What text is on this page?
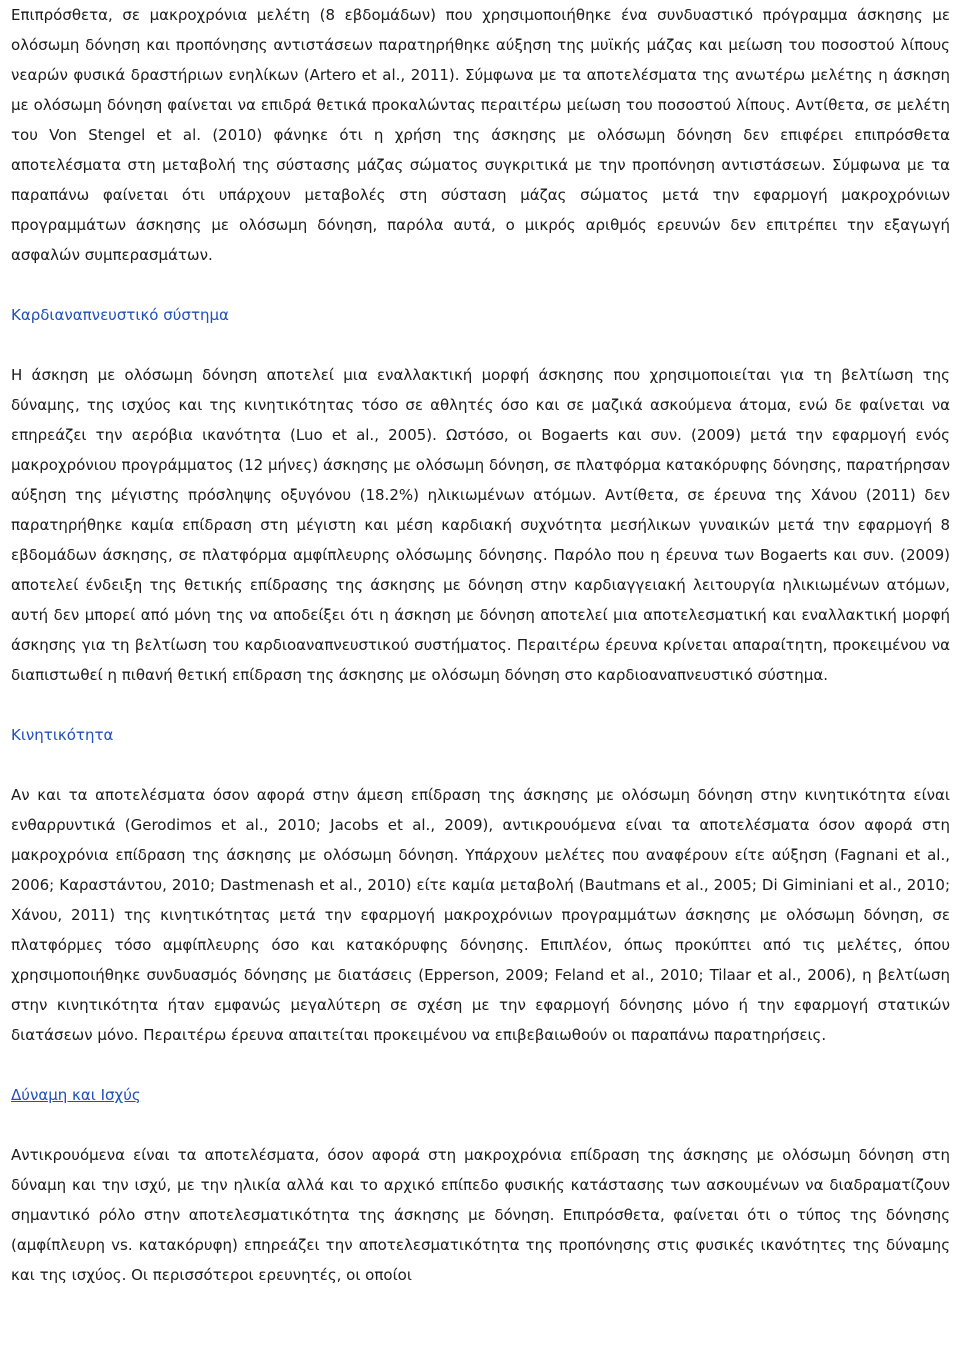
Επιπρόσθετα, σε μακροχρόνια μελέτη (8 εβδομάδων) που χρησιμοποιήθηκε ένα συνδυαστικό πρόγραμμα άσκησης με ολόσωμη δόνηση και προπόνησης αντιστάσεων παρατηρήθηκε αύξηση της μυϊκής μάζας και μείωση του ποσοστού λίπους νεαρών φυσικά δραστήριων ενηλίκων (Artero et al., 2011). Σύμφωνα με τα αποτελέσματα της ανωτέρω μελέτης η άσκηση με ολόσωμη δόνηση φαίνεται να επιδρά θετικά προκαλώντας περαιτέρω μείωση του ποσοστού λίπους. Αντίθετα, σε μελέτη του Von Stengel et al. (2010) φάνηκε ότι η χρήση της άσκησης με ολόσωμη δόνηση δεν επιφέρει επιπρόσθετα αποτελέσματα στη μεταβολή της σύστασης μάζας σώματος συγκριτικά με την προπόνηση αντιστάσεων. Σύμφωνα με τα παραπάνω φαίνεται ότι υπάρχουν μεταβολές στη σύσταση μάζας σώματος μετά την εφαρμογή μακροχρόνιων προγραμμάτων άσκησης με ολόσωμη δόνηση, παρόλα αυτά, ο μικρός αριθμός ερευνών δεν επιτρέπει την εξαγωγή ασφαλών συμπερασμάτων.

Καρδιαναπνευστικό σύστημα

Η άσκηση με ολόσωμη δόνηση αποτελεί μια εναλλακτική μορφή άσκησης που χρησιμοποιείται για τη βελτίωση της δύναμης, της ισχύος και της κινητικότητας τόσο σε αθλητές όσο και σε μαζικά ασκούμενα άτομα, ενώ δε φαίνεται να επηρεάζει την αερόβια ικανότητα (Luo et al., 2005). Ωστόσο, οι Bogaerts και συν. (2009) μετά την εφαρμογή ενός μακροχρόνιου προγράμματος (12 μήνες) άσκησης με ολόσωμη δόνηση, σε πλατφόρμα κατακόρυφης δόνησης, παρατήρησαν αύξηση της μέγιστης πρόσληψης οξυγόνου (18.2%) ηλικιωμένων ατόμων. Αντίθετα, σε έρευνα της Χάνου (2011) δεν παρατηρήθηκε καμία επίδραση στη μέγιστη και μέση καρδιακή συχνότητα μεσήλικων γυναικών μετά την εφαρμογή 8 εβδομάδων άσκησης, σε πλατφόρμα αμφίπλευρης ολόσωμης δόνησης. Παρόλο που η έρευνα των Bogaerts και συν. (2009) αποτελεί ένδειξη της θετικής επίδρασης της άσκησης με δόνηση στην καρδιαγγειακή λειτουργία ηλικιωμένων ατόμων, αυτή δεν μπορεί από μόνη της να αποδείξει ότι η άσκηση με δόνηση αποτελεί μια αποτελεσματική και εναλλακτική μορφή άσκησης για τη βελτίωση του καρδιοαναπνευστικού συστήματος. Περαιτέρω έρευνα κρίνεται απαραίτητη, προκειμένου να διαπιστωθεί η πιθανή θετική επίδραση της άσκησης με ολόσωμη δόνηση στο καρδιοαναπνευστικό σύστημα.

Κινητικότητα

Αν και τα αποτελέσματα όσον αφορά στην άμεση επίδραση της άσκησης με ολόσωμη δόνηση στην κινητικότητα είναι ενθαρρυντικά (Gerodimos et al., 2010; Jacobs et al., 2009), αντικρουόμενα είναι τα αποτελέσματα όσον αφορά στη μακροχρόνια επίδραση της άσκησης με ολόσωμη δόνηση. Υπάρχουν μελέτες που αναφέρουν είτε αύξηση (Fagnani et al., 2006; Καραστάντου, 2010; Dastmenash et al., 2010) είτε καμία μεταβολή (Bautmans et al., 2005; Di Giminiani et al., 2010; Χάνου, 2011) της κινητικότητας μετά την εφαρμογή μακροχρόνιων προγραμμάτων άσκησης με ολόσωμη δόνηση, σε πλατφόρμες τόσο αμφίπλευρης όσο και κατακόρυφης δόνησης. Επιπλέον, όπως προκύπτει από τις μελέτες, όπου χρησιμοποιήθηκε συνδυασμός δόνησης με διατάσεις (Epperson, 2009; Feland et al., 2010; Tilaar et al., 2006), η βελτίωση στην κινητικότητα ήταν εμφανώς μεγαλύτερη σε σχέση με την εφαρμογή δόνησης μόνο ή την εφαρμογή στατικών διατάσεων μόνο. Περαιτέρω έρευνα απαιτείται προκειμένου να επιβεβαιωθούν οι παραπάνω παρατηρήσεις.

Δύναμη και Ισχύς

Αντικρουόμενα είναι τα αποτελέσματα, όσον αφορά στη μακροχρόνια επίδραση της άσκησης με ολόσωμη δόνηση στη δύναμη και την ισχύ, με την ηλικία αλλά και το αρχικό επίπεδο φυσικής κατάστασης των ασκουμένων να διαδραματίζουν σημαντικό ρόλο στην αποτελεσματικότητα της άσκησης με δόνηση. Επιπρόσθετα, φαίνεται ότι ο τύπος της δόνησης (αμφίπλευρη vs. κατακόρυφη) επηρεάζει την αποτελεσματικότητα της προπόνησης στις φυσικές ικανότητες της δύναμης και της ισχύος. Οι περισσότεροι ερευνητές, οι οποίοι
